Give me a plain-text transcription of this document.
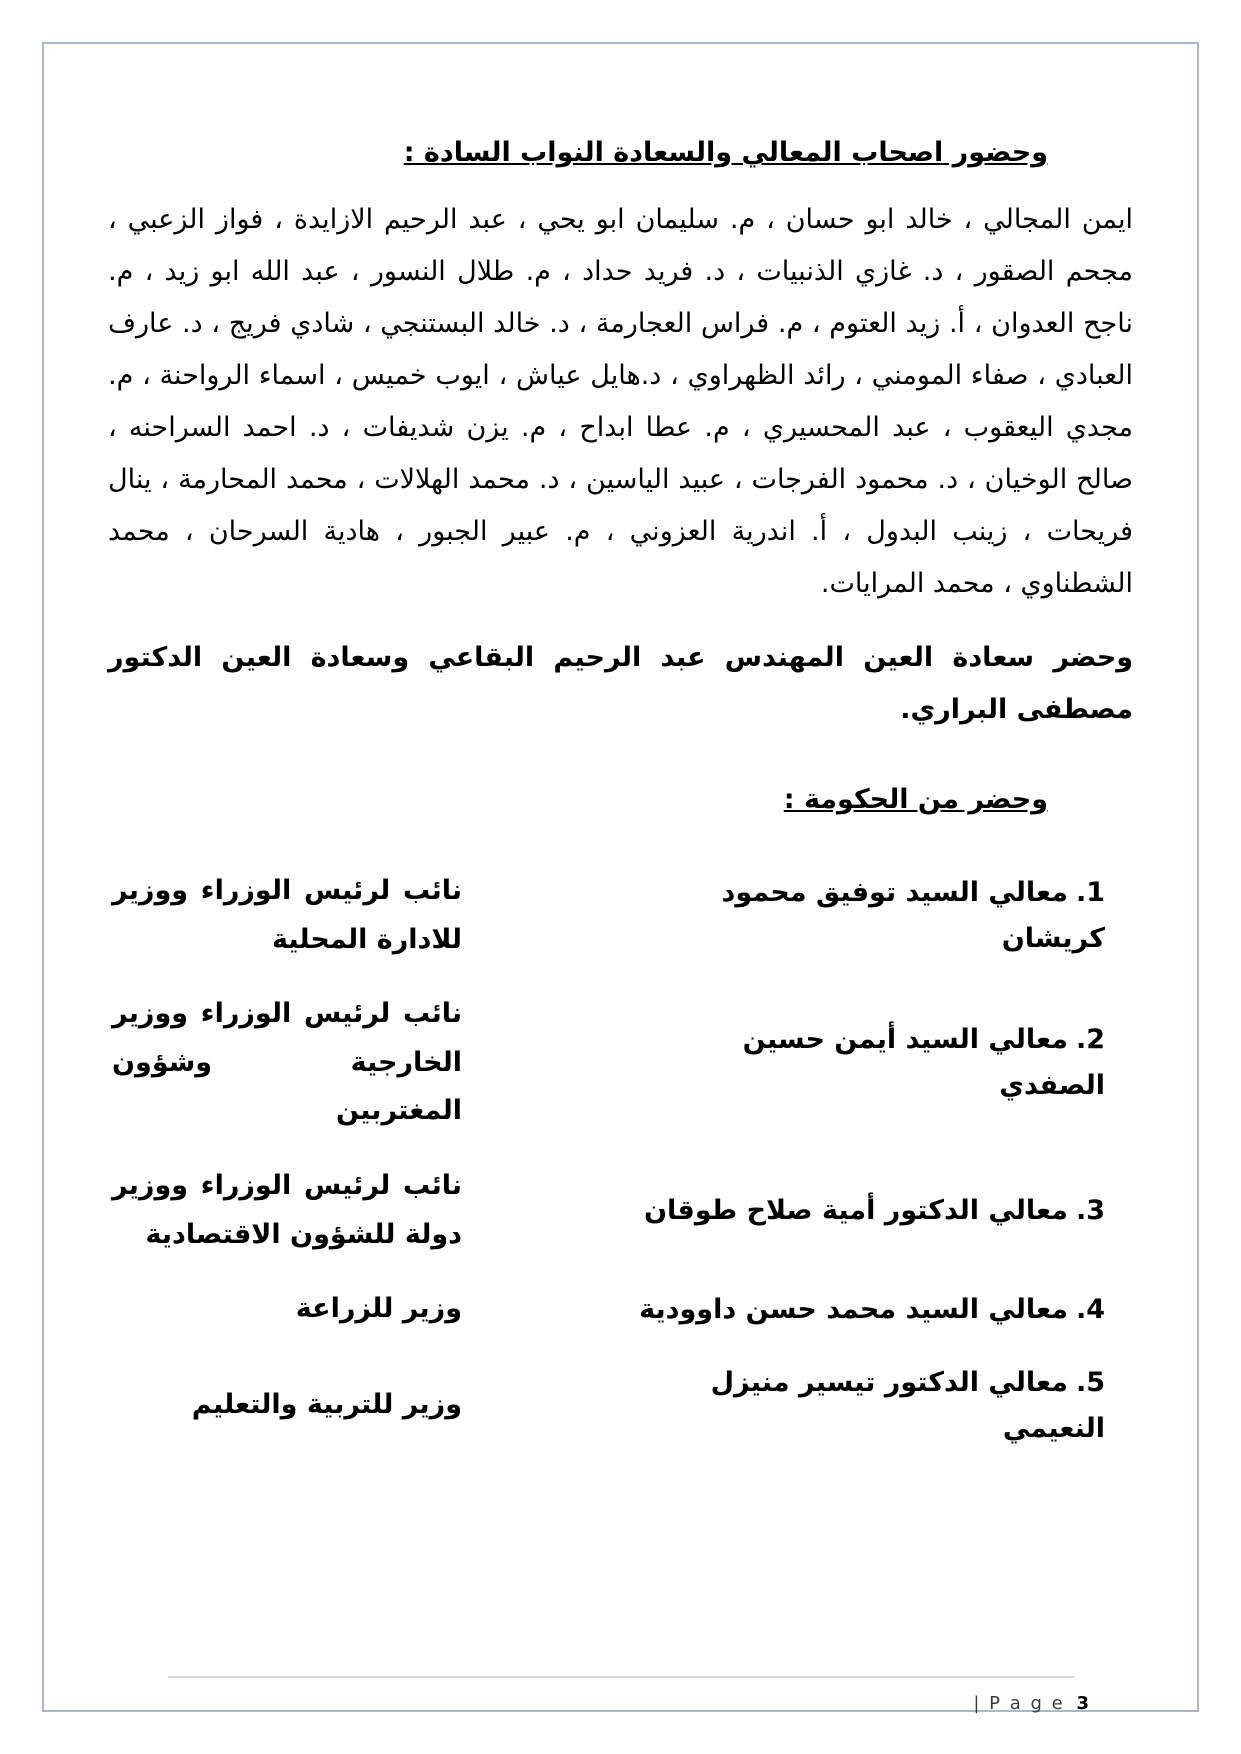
وحضور اصحاب المعالي والسعادة النواب السادة :

ايمن المجالي ، خالد ابو حسان ، م. سليمان ابو يحي ، عبد الرحيم الازايدة ، فواز الزعبي ، مجحم الصقور ، د. غازي الذنبيات ، د. فريد حداد ، م. طلال النسور ، عبد الله ابو زيد ، م. ناجح العدوان ، أ. زيد العتوم ، م. فراس العجارمة ، د. خالد البستنجي ، شادي فريج ، د. عارف العبادي ، صفاء المومني ، رائد الظهراوي ، د.هايل عياش ، ايوب خميس ، اسماء الرواحنة ، م. مجدي اليعقوب ، عبد المحسيري ، م. عطا ابداح ، م. يزن شديفات ، د. احمد السراحنه ، صالح الوخيان ، د. محمود الفرجات ، عبيد الياسين ، د. محمد الهلالات ، محمد المحارمة ، ينال فريحات ، زينب البدول ، أ. اندرية العزوني ، م. عبير الجبور ، هادية السرحان ، محمد الشطناوي ، محمد المرايات.

وحضر سعادة العين المهندس عبد الرحيم البقاعي وسعادة العين الدكتور مصطفى البراري.

وحضر من الحكومة :
1.معالي السيد توفيق محمود كريشان
نائب لرئيس الوزراء ووزير للادارة المحلية
2.معالي السيد أيمن حسين الصفدي
نائب لرئيس الوزراء ووزير الخارجية وشؤون المغتربين
3.معالي الدكتور أمية صلاح طوقان
نائب لرئيس الوزراء ووزير دولة للشؤون الاقتصادية
4.معالي السيد محمد حسن داوودية
وزير للزراعة
5.معالي الدكتور تيسير منيزل النعيمي
وزير للتربية والتعليم
| P a g e 3
